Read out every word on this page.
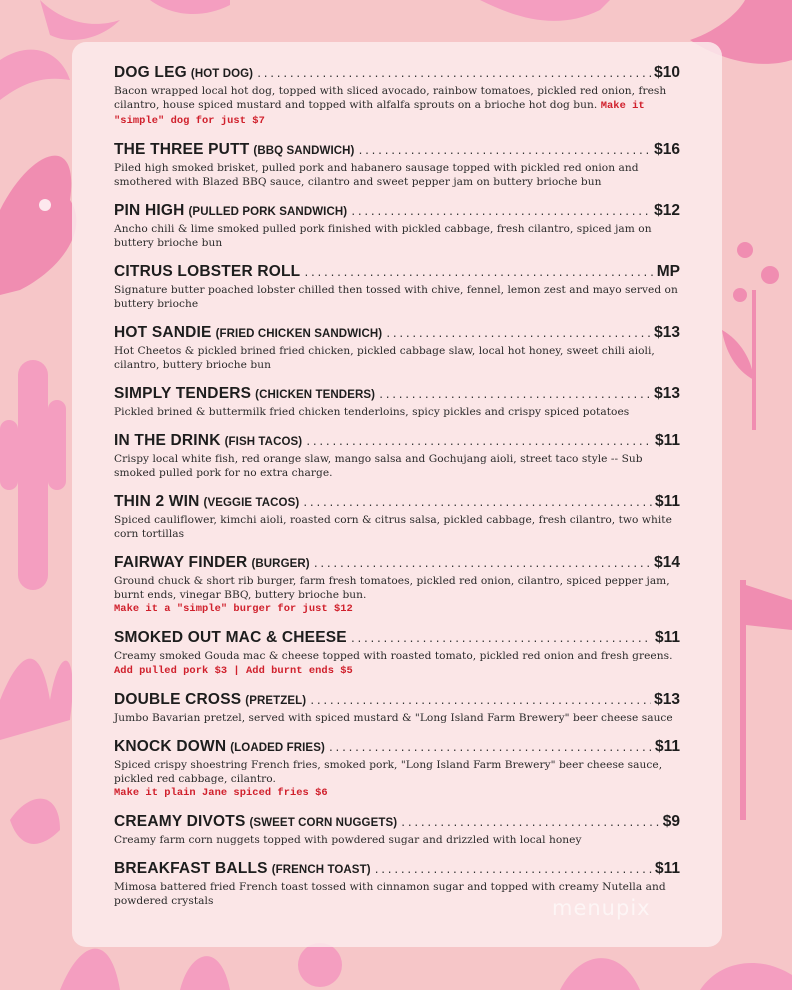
DOG LEG (HOT DOG) .....	$10
Bacon wrapped local hot dog, topped with sliced avocado, rainbow tomatoes, pickled red onion, fresh cilantro, house spiced mustard and topped with alfalfa sprouts on a brioche hot dog bun. Make it "simple" dog for just $7
THE THREE PUTT (BBQ SANDWICH) .....	$16
Piled high smoked brisket, pulled pork and habanero sausage topped with pickled red onion and smothered with Blazed BBQ sauce, cilantro and sweet pepper jam on buttery brioche bun
PIN HIGH (PULLED PORK SANDWICH) .....	$12
Ancho chili & lime smoked pulled pork finished with pickled cabbage, fresh cilantro, spiced jam on buttery brioche bun
CITRUS LOBSTER ROLL .....	MP
Signature butter poached lobster chilled then tossed with chive, fennel, lemon zest and mayo served on buttery brioche
HOT SANDIE (FRIED CHICKEN SANDWICH) .....	$13
Hot Cheetos & pickled brined fried chicken, pickled cabbage slaw, local hot honey, sweet chili aioli, cilantro, buttery brioche bun
SIMPLY TENDERS (CHICKEN TENDERS) .....	$13
Pickled brined & buttermilk fried chicken tenderloins, spicy pickles and crispy spiced potatoes
IN THE DRINK (FISH TACOS) .....	$11
Crispy local white fish, red orange slaw, mango salsa and Gochujang aioli, street taco style -- Sub smoked pulled pork for no extra charge.
THIN 2 WIN (VEGGIE TACOS) .....	$11
Spiced cauliflower, kimchi aioli, roasted corn & citrus salsa, pickled cabbage, fresh cilantro, two white corn tortillas
FAIRWAY FINDER (BURGER) .....	$14
Ground chuck & short rib burger, farm fresh tomatoes, pickled red onion, cilantro, spiced pepper jam, burnt ends, vinegar BBQ, buttery brioche bun.
Make it a "simple" burger for just $12
SMOKED OUT MAC & CHEESE .....	$11
Creamy smoked Gouda mac & cheese topped with roasted tomato, pickled red onion and fresh greens.  Add pulled pork $3 | Add burnt ends $5
DOUBLE CROSS (PRETZEL) .....	$13
Jumbo Bavarian pretzel, served with spiced mustard & "Long Island Farm Brewery" beer cheese sauce
KNOCK DOWN (LOADED FRIES) .....	$11
Spiced crispy shoestring French fries, smoked pork, "Long Island Farm Brewery" beer cheese sauce, pickled red cabbage, cilantro.
Make it plain Jane spiced fries $6
CREAMY DIVOTS (SWEET CORN NUGGETS) .....	$9
Creamy farm corn nuggets topped with powdered sugar and drizzled with local honey
BREAKFAST BALLS (FRENCH TOAST) .....	$11
Mimosa battered fried French toast tossed with cinnamon sugar and topped with creamy Nutella and powdered crystals	menupix
